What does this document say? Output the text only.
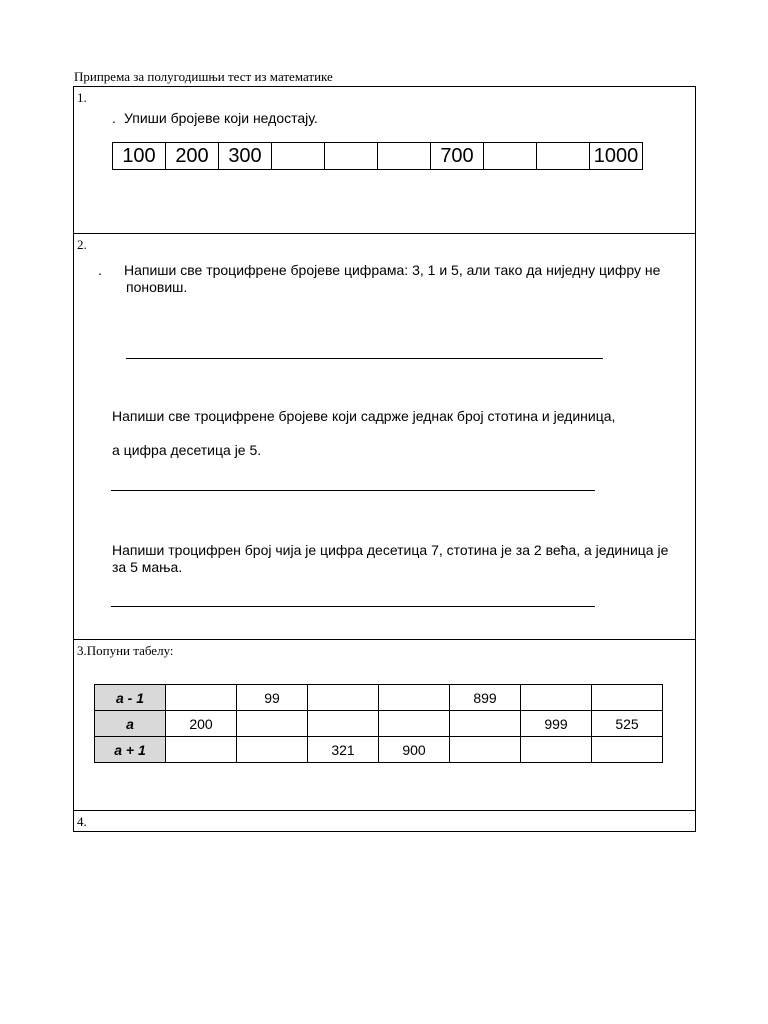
Припрема за полугодишњи тест из математике
1.
. Упиши бројеве који недостају.
100	200	300				700			1000
2.
. Напиши све троцифрене бројеве цифрама: 3, 1 и 5, али тако да ниједну цифру не поновиш.
Напиши све троцифрене бројеве који садрже једнак број стотина и јединица,
а цифра десетица је 5.
Напиши троцифрен број чија је цифра десетица 7, стотина је за 2 већа, а јединица је за 5 мања.
3.Попуни табелу:
a - 1		99			899		
a	200					999	525
a + 1			321	900			
4.
